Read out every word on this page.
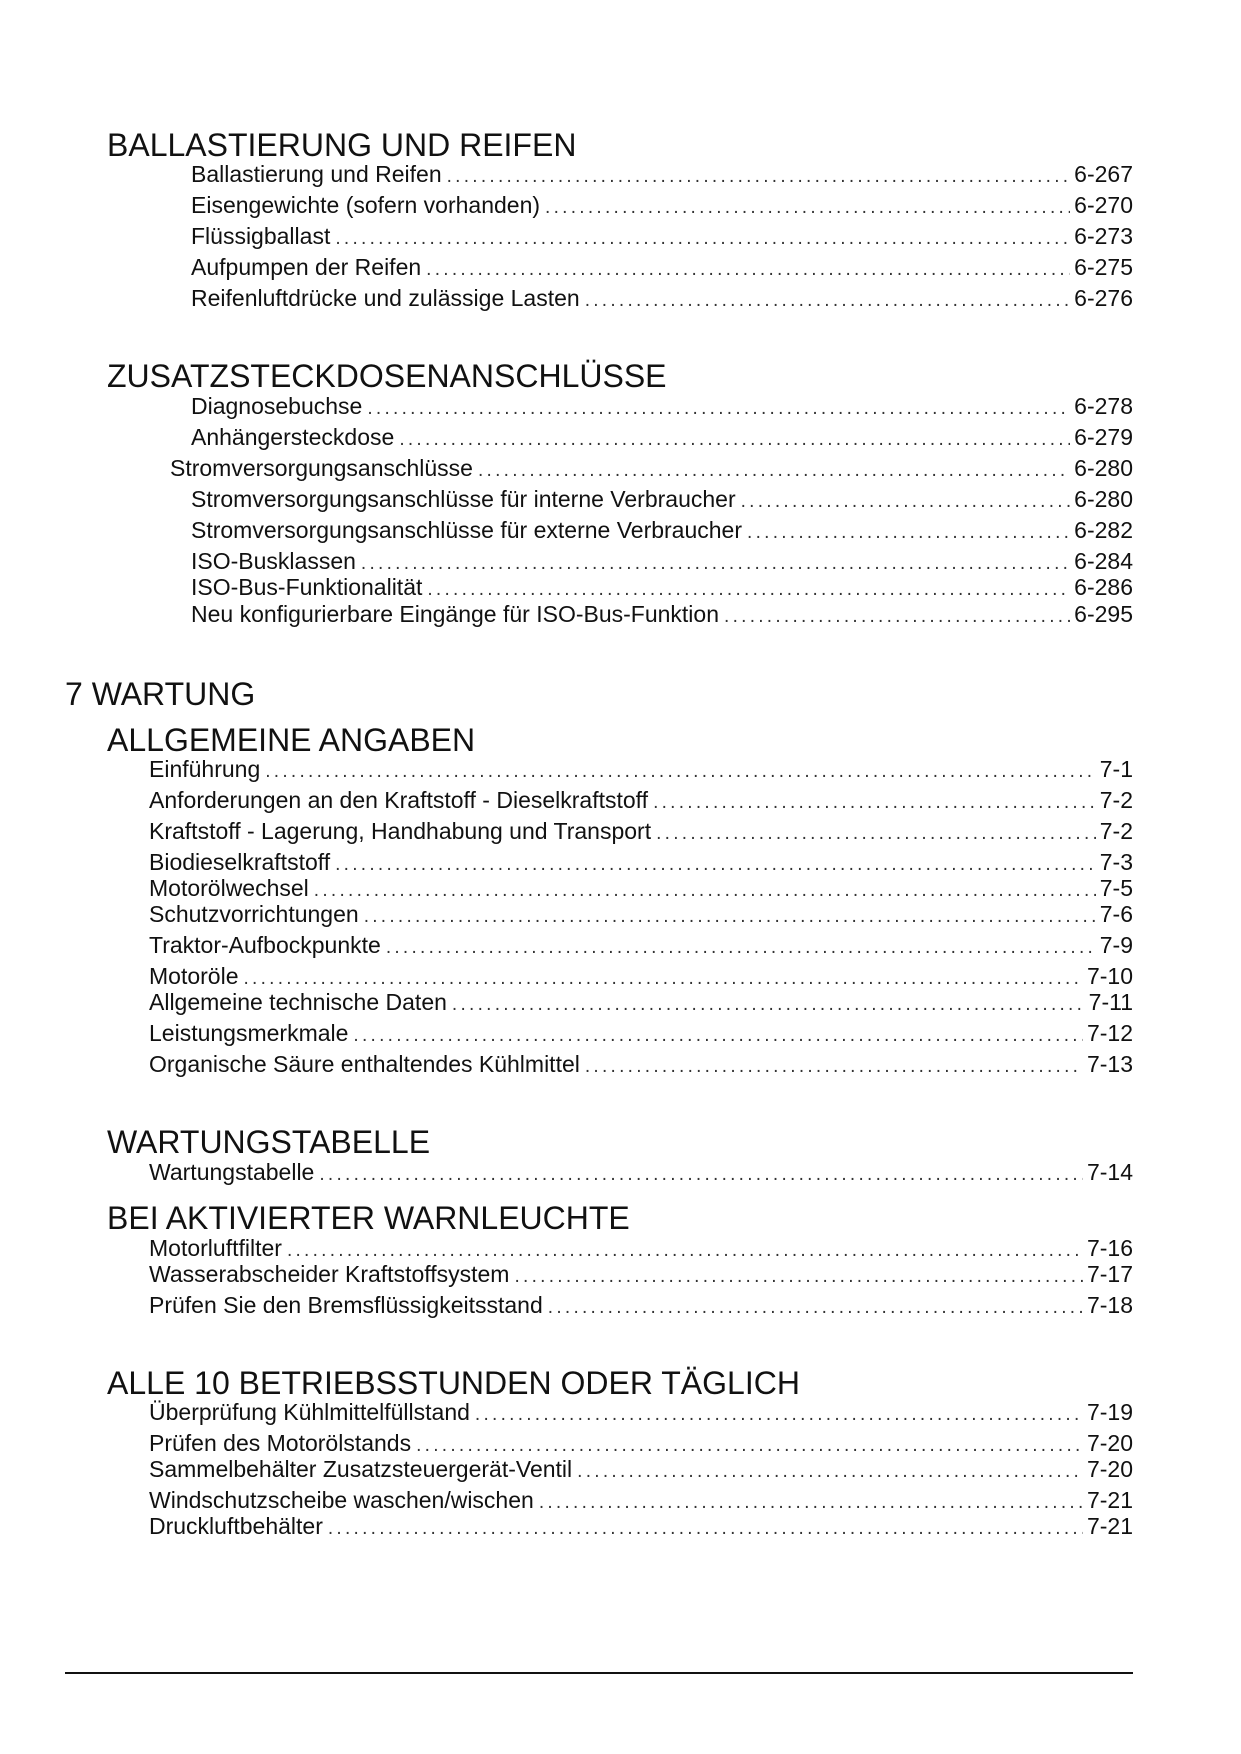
BALLASTIERUNG UND REIFEN
Ballastierung und Reifen . . .	6-267
Eisengewichte (sofern vorhanden) . . .	6-270
Flüssigballast . . .	6-273
Aufpumpen der Reifen . . .	6-275
Reifenluftdrücke und zulässige Lasten . . .	6-276
ZUSATZSTECKDOSENANSCHLÜSSE
Diagnosebuchse . . .	6-278
Anhängersteckdose . . .	6-279
Stromversorgungsanschlüsse . . .	6-280
Stromversorgungsanschlüsse für interne Verbraucher . . .	6-280
Stromversorgungsanschlüsse für externe Verbraucher . . .	6-282
ISO-Busklassen . . .	6-284
ISO-Bus-Funktionalität . . .	6-286
Neu konfigurierbare Eingänge für ISO-Bus-Funktion . . .	6-295
7 WARTUNG
ALLGEMEINE ANGABEN
Einführung . . .	7-1
Anforderungen an den Kraftstoff - Dieselkraftstoff . . .	7-2
Kraftstoff - Lagerung, Handhabung und Transport . . .	7-2
Biodieselkraftstoff . . .	7-3
Motorölwechsel . . .	7-5
Schutzvorrichtungen . . .	7-6
Traktor-Aufbockpunkte . . .	7-9
Motoröle . . .	7-10
Allgemeine technische Daten . . .	7-11
Leistungsmerkmale . . .	7-12
Organische Säure enthaltendes Kühlmittel . . .	7-13
WARTUNGSTABELLE
Wartungstabelle . . .	7-14
BEI AKTIVIERTER WARNLEUCHTE
Motorluftfilter . . .	7-16
Wasserabscheider Kraftstoffsystem . . .	7-17
Prüfen Sie den Bremsflüssigkeitsstand . . .	7-18
ALLE 10 BETRIEBSSTUNDEN ODER TÄGLICH
Überprüfung Kühlmittelfüllstand . . .	7-19
Prüfen des Motorölstands . . .	7-20
Sammelbehälter Zusatzsteuergerät-Ventil . . .	7-20
Windschutzscheibe waschen/wischen . . .	7-21
Druckluftbehälter . . .	7-21
